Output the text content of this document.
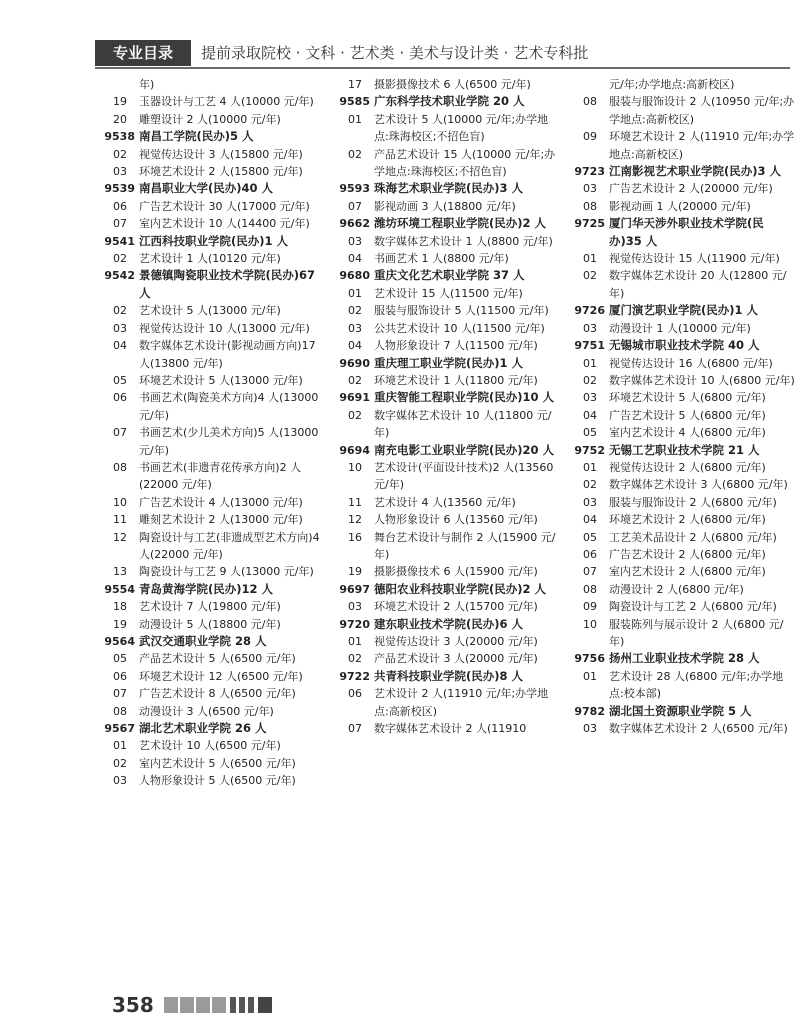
专业目录	提前录取院校 · 文科 · 艺术类 · 美术与设计类 · 艺术专科批
年)
19 玉器设计与工艺 4 人(10000 元/年)
20 雕塑设计 2 人(10000 元/年)
9538 南昌工学院(民办)5 人
02 视觉传达设计 3 人(15800 元/年)
03 环境艺术设计 2 人(15800 元/年)
9539 南昌职业大学(民办)40 人
06 广告艺术设计 30 人(17000 元/年)
07 室内艺术设计 10 人(14400 元/年)
9541 江西科技职业学院(民办)1 人
02 艺术设计 1 人(10120 元/年)
9542 景德镇陶瓷职业技术学院(民办)67 人
02 艺术设计 5 人(13000 元/年)
03 视觉传达设计 10 人(13000 元/年)
04 数字媒体艺术设计(影视动画方向)17 人(13800 元/年)
05 环境艺术设计 5 人(13000 元/年)
06 书画艺术(陶瓷美术方向)4 人(13000 元/年)
07 书画艺术(少儿美术方向)5 人(13000 元/年)
08 书画艺术(非遗青花传承方向)2 人(22000 元/年)
10 广告艺术设计 4 人(13000 元/年)
11 雕刻艺术设计 2 人(13000 元/年)
12 陶瓷设计与工艺(非遗成型艺术方向)4 人(22000 元/年)
13 陶瓷设计与工艺 9 人(13000 元/年)
9554 青岛黄海学院(民办)12 人
18 艺术设计 7 人(19800 元/年)
19 动漫设计 5 人(18800 元/年)
9564 武汉交通职业学院 28 人
05 产品艺术设计 5 人(6500 元/年)
06 环境艺术设计 12 人(6500 元/年)
07 广告艺术设计 8 人(6500 元/年)
08 动漫设计 3 人(6500 元/年)
9567 湖北艺术职业学院 26 人
01 艺术设计 10 人(6500 元/年)
02 室内艺术设计 5 人(6500 元/年)
03 人物形象设计 5 人(6500 元/年)
17 摄影摄像技术 6 人(6500 元/年)
9585 广东科学技术职业学院 20 人
01 艺术设计 5 人(10000 元/年;办学地点:珠海校区;不招色盲)
02 产品艺术设计 15 人(10000 元/年;办学地点:珠海校区;不招色盲)
9593 珠海艺术职业学院(民办)3 人
07 影视动画 3 人(18800 元/年)
9662 潍坊环境工程职业学院(民办)2 人
03 数字媒体艺术设计 1 人(8800 元/年)
04 书画艺术 1 人(8800 元/年)
9680 重庆文化艺术职业学院 37 人
01 艺术设计 15 人(11500 元/年)
02 服装与服饰设计 5 人(11500 元/年)
03 公共艺术设计 10 人(11500 元/年)
04 人物形象设计 7 人(11500 元/年)
9690 重庆理工职业学院(民办)1 人
02 环境艺术设计 1 人(11800 元/年)
9691 重庆智能工程职业学院(民办)10 人
02 数字媒体艺术设计 10 人(11800 元/年)
9694 南充电影工业职业学院(民办)20 人
10 艺术设计(平面设计技术)2 人(13560 元/年)
11 艺术设计 4 人(13560 元/年)
12 人物形象设计 6 人(13560 元/年)
16 舞台艺术设计与制作 2 人(15900 元/年)
19 摄影摄像技术 6 人(15900 元/年)
9697 德阳农业科技职业学院(民办)2 人
03 环境艺术设计 2 人(15700 元/年)
9720 建东职业技术学院(民办)6 人
01 视觉传达设计 3 人(20000 元/年)
02 产品艺术设计 3 人(20000 元/年)
9722 共青科技职业学院(民办)8 人
06 艺术设计 2 人(11910 元/年;办学地点:高新校区)
07 数字媒体艺术设计 2 人(11910
元/年;办学地点:高新校区)
08 服装与服饰设计 2 人(10950 元/年;办学地点:高新校区)
09 环境艺术设计 2 人(11910 元/年;办学地点:高新校区)
9723 江南影视艺术职业学院(民办)3 人
03 广告艺术设计 2 人(20000 元/年)
08 影视动画 1 人(20000 元/年)
9725 厦门华天涉外职业技术学院(民办)35 人
01 视觉传达设计 15 人(11900 元/年)
02 数字媒体艺术设计 20 人(12800 元/年)
9726 厦门演艺职业学院(民办)1 人
03 动漫设计 1 人(10000 元/年)
9751 无锡城市职业技术学院 40 人
01 视觉传达设计 16 人(6800 元/年)
02 数字媒体艺术设计 10 人(6800 元/年)
03 环境艺术设计 5 人(6800 元/年)
04 广告艺术设计 5 人(6800 元/年)
05 室内艺术设计 4 人(6800 元/年)
9752 无锡工艺职业技术学院 21 人
01 视觉传达设计 2 人(6800 元/年)
02 数字媒体艺术设计 3 人(6800 元/年)
03 服装与服饰设计 2 人(6800 元/年)
04 环境艺术设计 2 人(6800 元/年)
05 工艺美术品设计 2 人(6800 元/年)
06 广告艺术设计 2 人(6800 元/年)
07 室内艺术设计 2 人(6800 元/年)
08 动漫设计 2 人(6800 元/年)
09 陶瓷设计与工艺 2 人(6800 元/年)
10 服装陈列与展示设计 2 人(6800 元/年)
9756 扬州工业职业技术学院 28 人
01 艺术设计 28 人(6800 元/年;办学地点:校本部)
9782 湖北国土资源职业学院 5 人
03 数字媒体艺术设计 2 人(6500 元/年)
358
